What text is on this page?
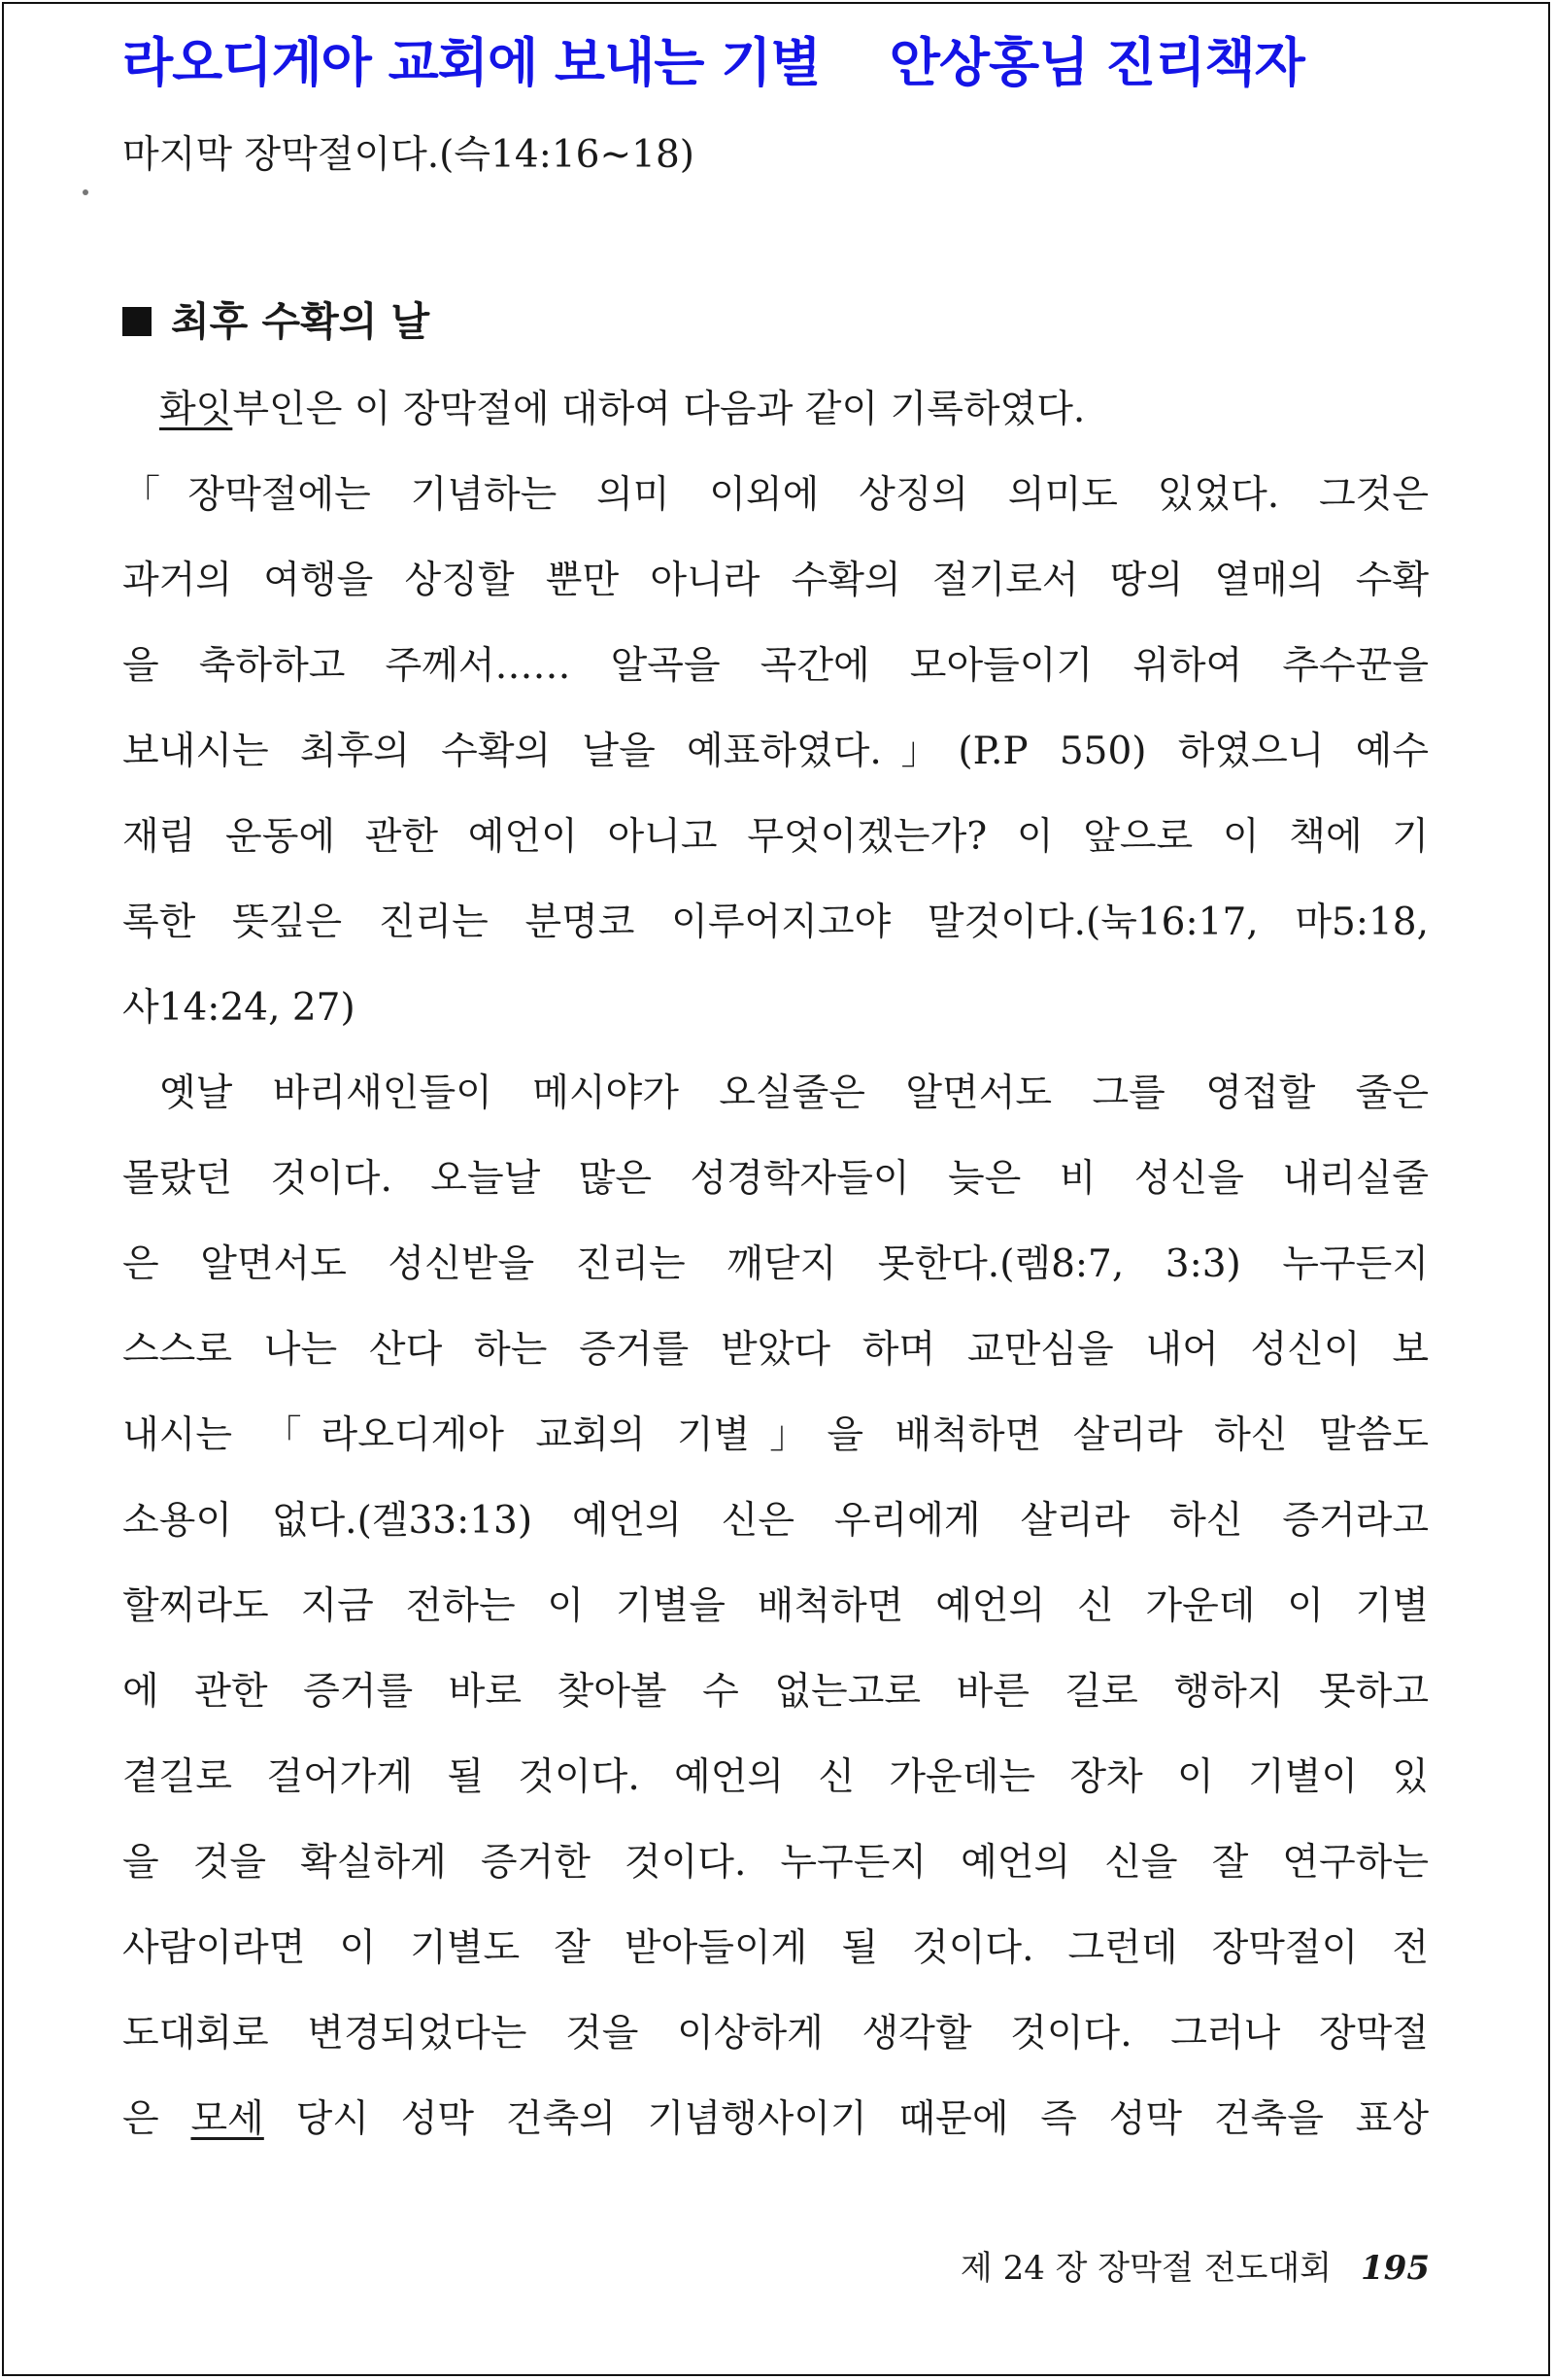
라오디게아 교회에 보내는 기별    안상홍님 진리책자
마지막 장막절이다.(슥14:16~18)
최후 수확의 날
화잇부인은 이 장막절에 대하여 다음과 같이 기록하였다.
「장막절에는 기념하는 의미 이외에 상징의 의미도 있었다. 그것은
과거의 여행을 상징할 뿐만 아니라 수확의 절기로서 땅의 열매의 수확
을 축하하고 주께서…… 알곡을 곡간에 모아들이기 위하여 추수꾼을
보내시는 최후의 수확의 날을 예표하였다.」(P.P 550) 하였으니 예수
재림 운동에 관한 예언이 아니고 무엇이겠는가? 이 앞으로 이 책에 기
록한 뜻깊은 진리는 분명코 이루어지고야 말것이다.(눅16:17, 마5:18,
사14:24, 27)
옛날 바리새인들이 메시야가 오실줄은 알면서도 그를 영접할 줄은
몰랐던 것이다. 오늘날 많은 성경학자들이 늦은 비 성신을 내리실줄
은 알면서도 성신받을 진리는 깨닫지 못한다.(렘8:7, 3:3) 누구든지
스스로 나는 산다 하는 증거를 받았다 하며 교만심을 내어 성신이 보
내시는 「라오디게아 교회의 기별」을 배척하면 살리라 하신 말씀도
소용이 없다.(겔33:13) 예언의 신은 우리에게 살리라 하신 증거라고
할찌라도 지금 전하는 이 기별을 배척하면 예언의 신 가운데 이 기별
에 관한 증거를 바로 찾아볼 수 없는고로 바른 길로 행하지 못하고
곁길로 걸어가게 될 것이다. 예언의 신 가운데는 장차 이 기별이 있
을 것을 확실하게 증거한 것이다. 누구든지 예언의 신을 잘 연구하는
사람이라면 이 기별도 잘 받아들이게 될 것이다. 그런데 장막절이 전
도대회로 변경되었다는 것을 이상하게 생각할 것이다. 그러나 장막절
은 모세 당시 성막 건축의 기념행사이기 때문에 즉 성막 건축을 표상
제 24 장 장막절 전도대회 195
